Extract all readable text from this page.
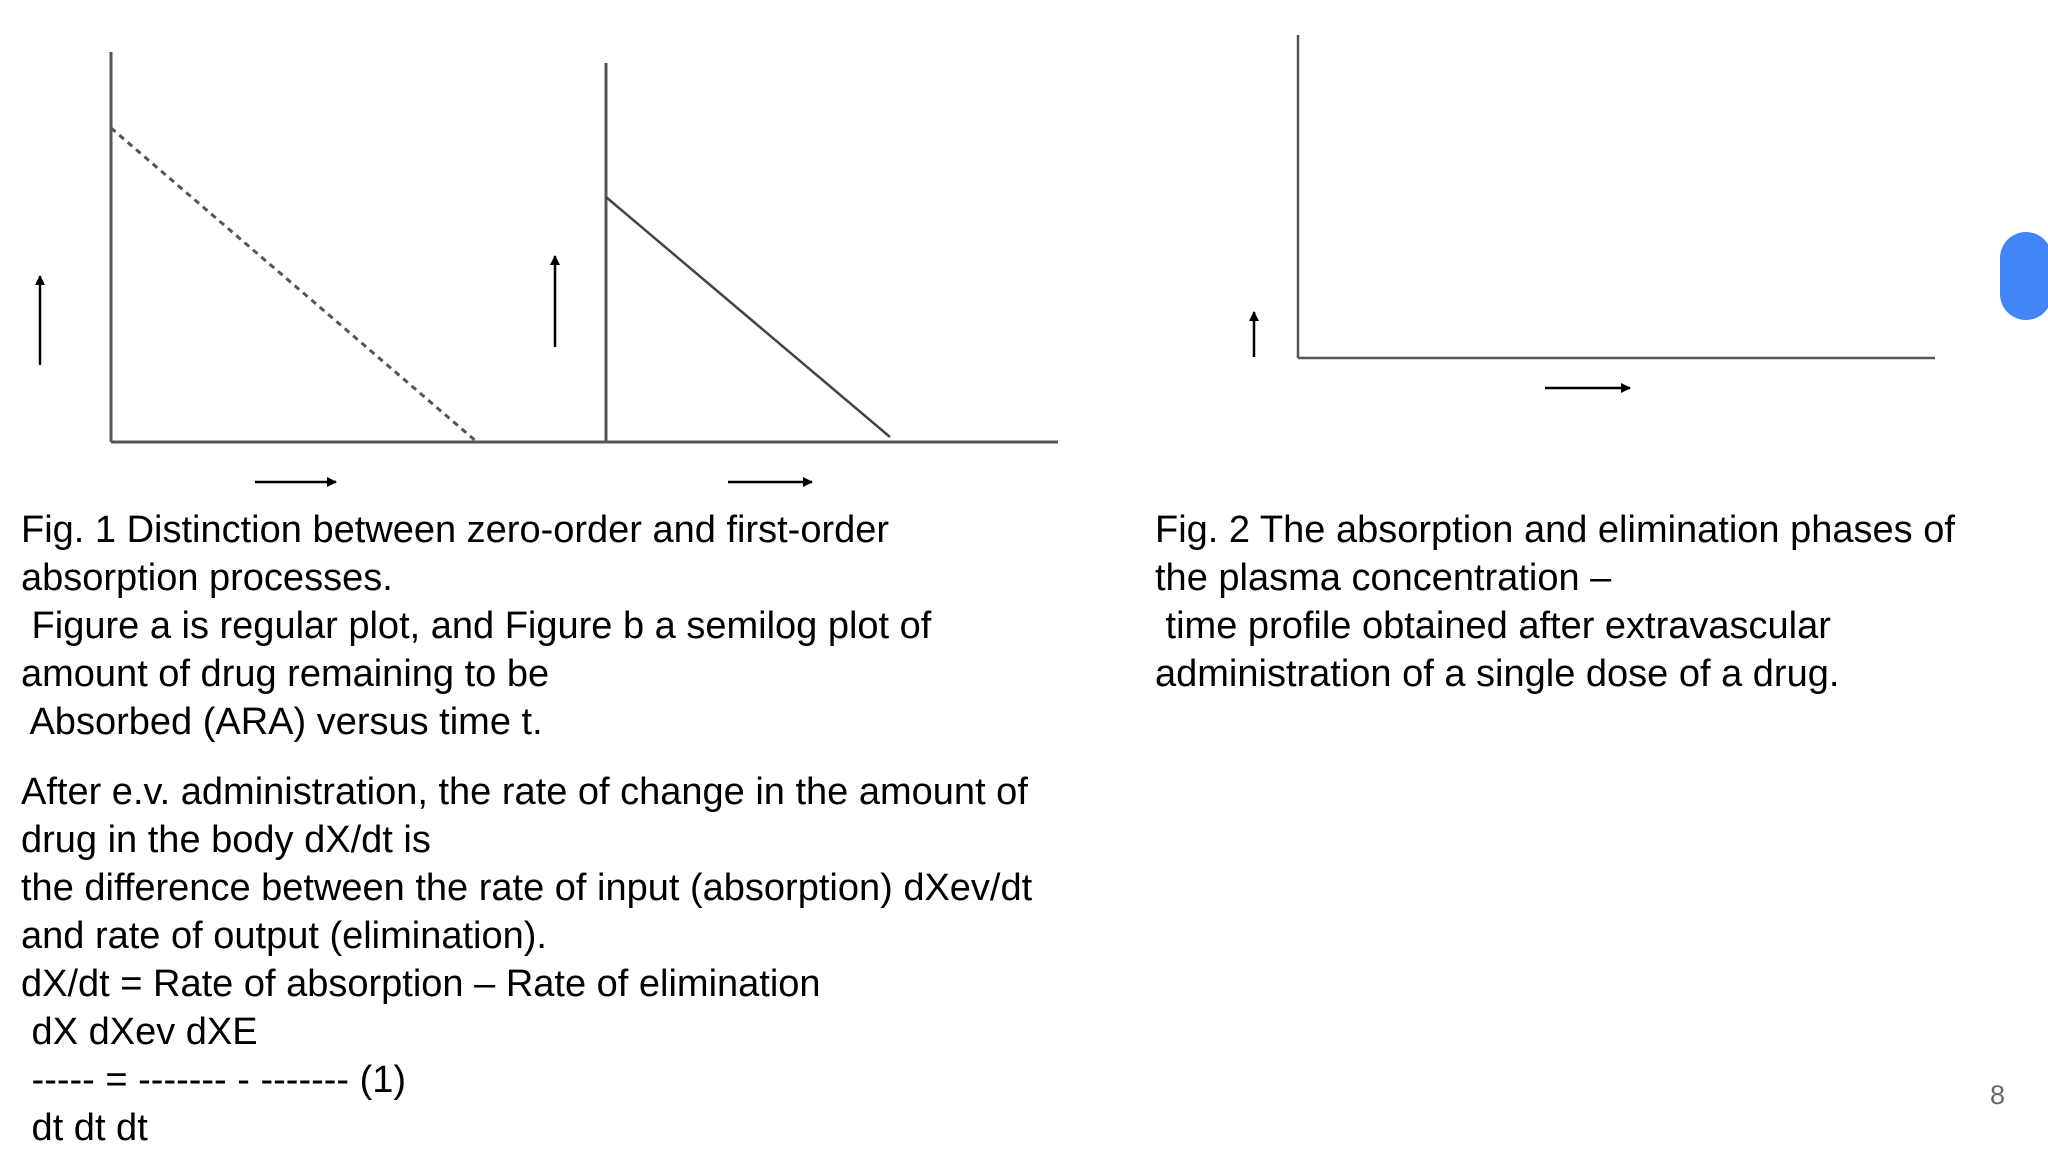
Fig. 1 Distinction between zero-order and first-order
absorption processes.
Figure a is regular plot, and Figure b a semilog plot of
amount of drug remaining to be
Absorbed (ARA) versus time t.
Fig. 2 The absorption and elimination phases of
the plasma concentration –
time profile obtained after extravascular
administration of a single dose of a drug.
After e.v. administration, the rate of change in the amount of
drug in the body dX/dt is
the difference between the rate of input (absorption) dXev/dt
and rate of output (elimination).
dX/dt = Rate of absorption – Rate of elimination
dX dXev dXE
----- = ------- - ------- (1)
dt dt dt
8
